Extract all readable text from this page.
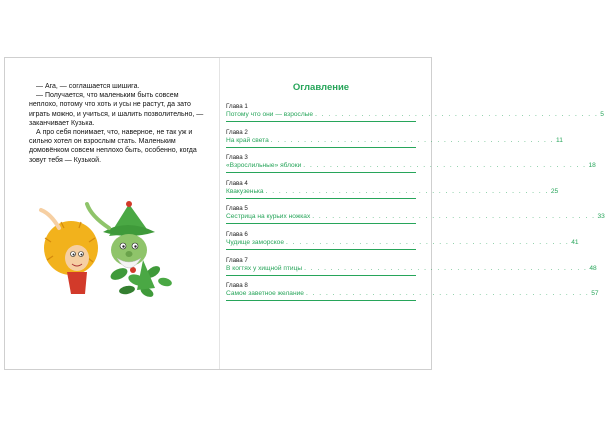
— Ага, — соглашается шишига.

— Получается, что маленьким быть совсем неплохо, потому что хоть и усы не растут, да зато играть можно, и учиться, и шалить позволительно, — заканчивает Кузька.

А про себя понимает, что, наверное, не так уж и сильно хотел он взрослым стать. Маленьким домовёнком совсем неплохо быть, особенно, когда зовут тебя — Кузькой.

Оглавление
Глава 1
Потому что они — взрослые . . . . . . . . . . . . . . . . . . . . . . . . . . . . . . . . . . . . . . . . . . . 5
Глава 2
На край света . . . . . . . . . . . . . . . . . . . . . . . . . . . . . . . . . . . . . . . . . . . 11
Глава 3
«Взрослильные» яблоки . . . . . . . . . . . . . . . . . . . . . . . . . . . . . . . . . . . . . . . . . . . 18
Глава 4
Квакузенька . . . . . . . . . . . . . . . . . . . . . . . . . . . . . . . . . . . . . . . . . . . 25
Глава 5
Сестрица на курьих ножках . . . . . . . . . . . . . . . . . . . . . . . . . . . . . . . . . . . . . . . . . . . 33
Глава 6
Чудище заморское . . . . . . . . . . . . . . . . . . . . . . . . . . . . . . . . . . . . . . . . . . . 41
Глава 7
В когтях у хищной птицы . . . . . . . . . . . . . . . . . . . . . . . . . . . . . . . . . . . . . . . . . . . 48
Глава 8
Самое заветное желание . . . . . . . . . . . . . . . . . . . . . . . . . . . . . . . . . . . . . . . . . . . 57
